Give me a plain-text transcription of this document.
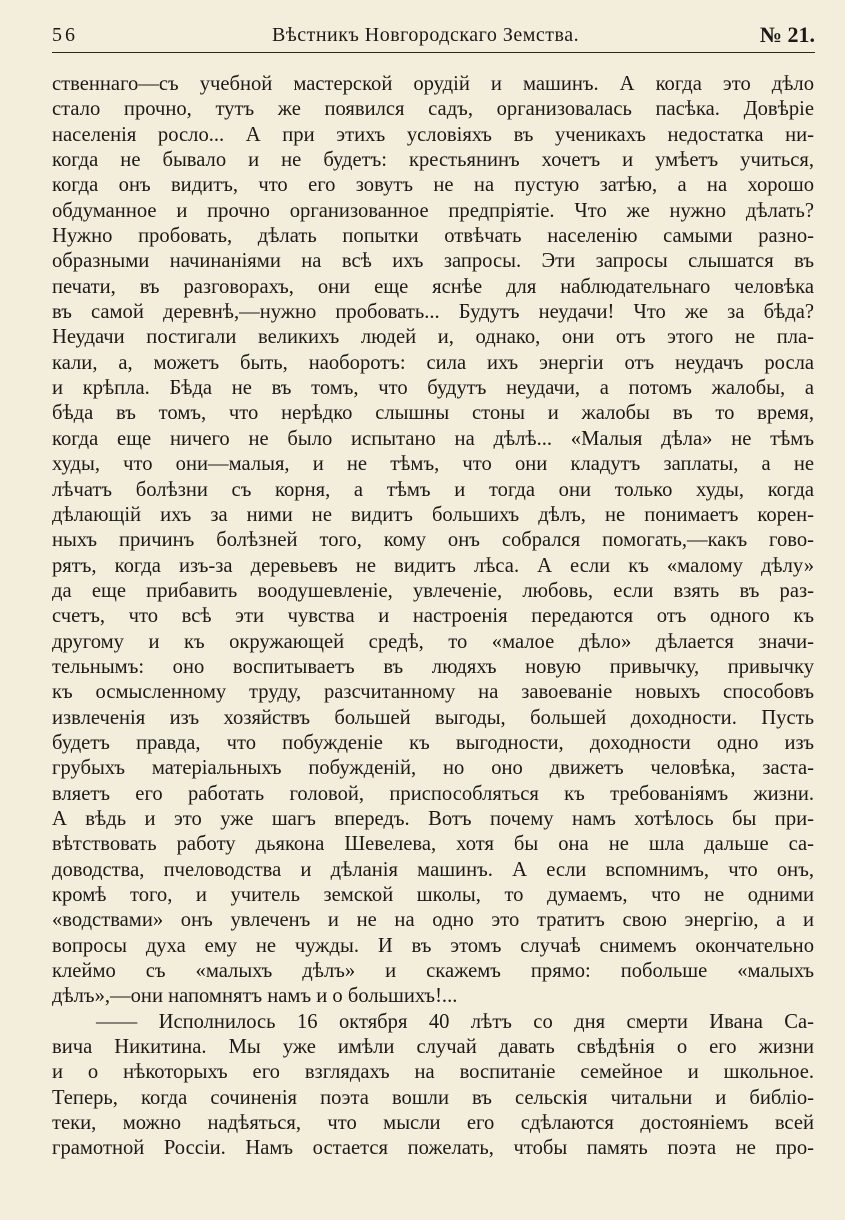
56	Вѣстникъ Новгородскаго Земства.	№ 21.
ственнаго—съ учебной мастерской орудій и машинъ. А когда это дѣло
стало прочно, тутъ же появился садъ, организовалась пасѣка. Довѣріе
населенія росло... А при этихъ условіяхъ въ ученикахъ недостатка ни-
когда не бывало и не будетъ: крестьянинъ хочетъ и умѣетъ учиться,
когда онъ видитъ, что его зовутъ не на пустую затѣю, а на хорошо
обдуманное и прочно организованное предпріятіе. Что же нужно дѣлать?
Нужно пробовать, дѣлать попытки отвѣчать населенію самыми разно-
образными начинаніями на всѣ ихъ запросы. Эти запросы слышатся въ
печати, въ разговорахъ, они еще яснѣе для наблюдательнаго человѣка
въ самой деревнѣ,—нужно пробовать... Будутъ неудачи! Что же за бѣда?
Неудачи постигали великихъ людей и, однако, они отъ этого не пла-
кали, а, можетъ быть, наоборотъ: сила ихъ энергіи отъ неудачъ росла
и крѣпла. Бѣда не въ томъ, что будутъ неудачи, а потомъ жалобы, а
бѣда въ томъ, что нерѣдко слышны стоны и жалобы въ то время,
когда еще ничего не было испытано на дѣлѣ... «Малыя дѣла» не тѣмъ
худы, что они—малыя, и не тѣмъ, что они кладутъ заплаты, а не
лѣчатъ болѣзни съ корня, а тѣмъ и тогда они только худы, когда
дѣлающій ихъ за ними не видитъ большихъ дѣлъ, не понимаетъ корен-
ныхъ причинъ болѣзней того, кому онъ собрался помогать,—какъ гово-
рятъ, когда изъ-за деревьевъ не видитъ лѣса. А если къ «малому дѣлу»
да еще прибавить воодушевленіе, увлеченіе, любовь, если взять въ раз-
счетъ, что всѣ эти чувства и настроенія передаются отъ одного къ
другому и къ окружающей средѣ, то «малое дѣло» дѣлается значи-
тельнымъ: оно воспитываетъ въ людяхъ новую привычку, привычку
къ осмысленному труду, разсчитанному на завоеваніе новыхъ способовъ
извлеченія изъ хозяйствъ большей выгоды, большей доходности. Пусть
будетъ правда, что побужденіе къ выгодности, доходности одно изъ
грубыхъ матеріальныхъ побужденій, но оно движетъ человѣка, заста-
вляетъ его работать головой, приспособляться къ требованіямъ жизни.
А вѣдь и это уже шагъ впередъ. Вотъ почему намъ хотѣлось бы при-
вѣтствовать работу дьякона Шевелева, хотя бы она не шла дальше са-
доводства, пчеловодства и дѣланія машинъ. А если вспомнимъ, что онъ,
кромѣ того, и учитель земской школы, то думаемъ, что не одними
«водствами» онъ увлеченъ и не на одно это тратитъ свою энергію, а и
вопросы духа ему не чужды. И въ этомъ случаѣ снимемъ окончательно
клеймо съ «малыхъ дѣлъ» и скажемъ прямо: побольше «малыхъ
дѣлъ»,—они напомнятъ намъ и о большихъ!...
—— Исполнилось 16 октября 40 лѣтъ со дня смерти Ивана Са-
вича Никитина. Мы уже имѣли случай давать свѣдѣнія о его жизни
и о нѣкоторыхъ его взглядахъ на воспитаніе семейное и школьное.
Теперь, когда сочиненія поэта вошли въ сельскія читальни и библіо-
теки, можно надѣяться, что мысли его сдѣлаются достояніемъ всей
грамотной Россіи. Намъ остается пожелать, чтобы память поэта не про-
